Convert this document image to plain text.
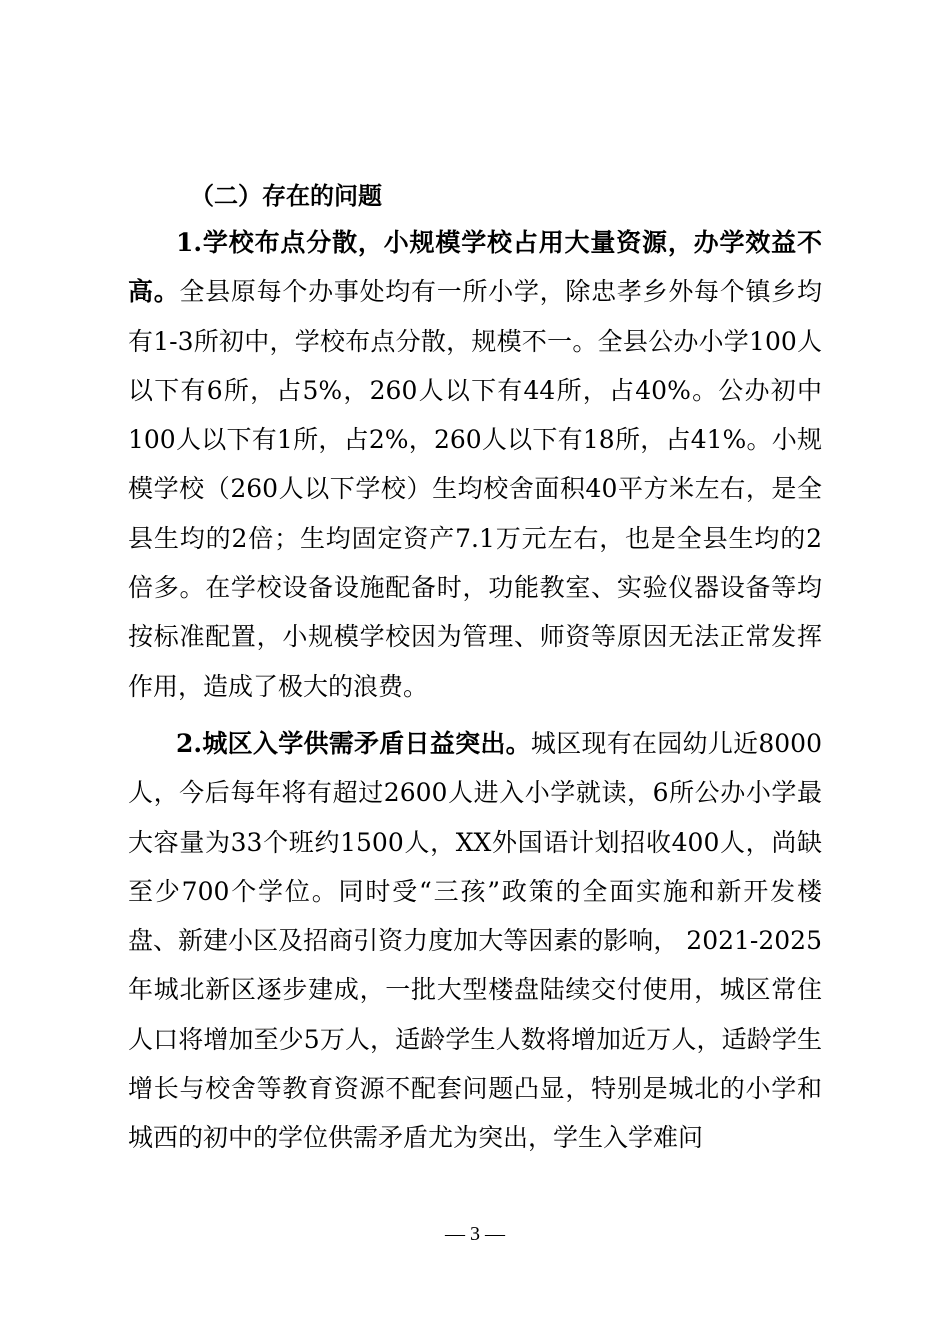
（二）存在的问题

1.学校布点分散，小规模学校占用大量资源，办学效益不高。全县原每个办事处均有一所小学，除忠孝乡外每个镇乡均有1-3所初中，学校布点分散，规模不一。全县公办小学100人以下有6所，占5%，260人以下有44所，占40%。公办初中100人以下有1所，占2%，260人以下有18所，占41%。小规模学校（260人以下学校）生均校舍面积40平方米左右，是全县生均的2倍；生均固定资产7.1万元左右，也是全县生均的2倍多。在学校设备设施配备时，功能教室、实验仪器设备等均按标准配置，小规模学校因为管理、师资等原因无法正常发挥作用，造成了极大的浪费。

2.城区入学供需矛盾日益突出。城区现有在园幼儿近8000人，今后每年将有超过2600人进入小学就读，6所公办小学最大容量为33个班约1500人，XX外国语计划招收400人，尚缺至少700个学位。同时受“三孩”政策的全面实施和新开发楼盘、新建小区及招商引资力度加大等因素的影响， 2021-2025年城北新区逐步建成，一批大型楼盘陆续交付使用，城区常住人口将增加至少5万人，适龄学生人数将增加近万人，适龄学生增长与校舍等教育资源不配套问题凸显，特别是城北的小学和城西的初中的学位供需矛盾尤为突出，学生入学难问

— 3 —
